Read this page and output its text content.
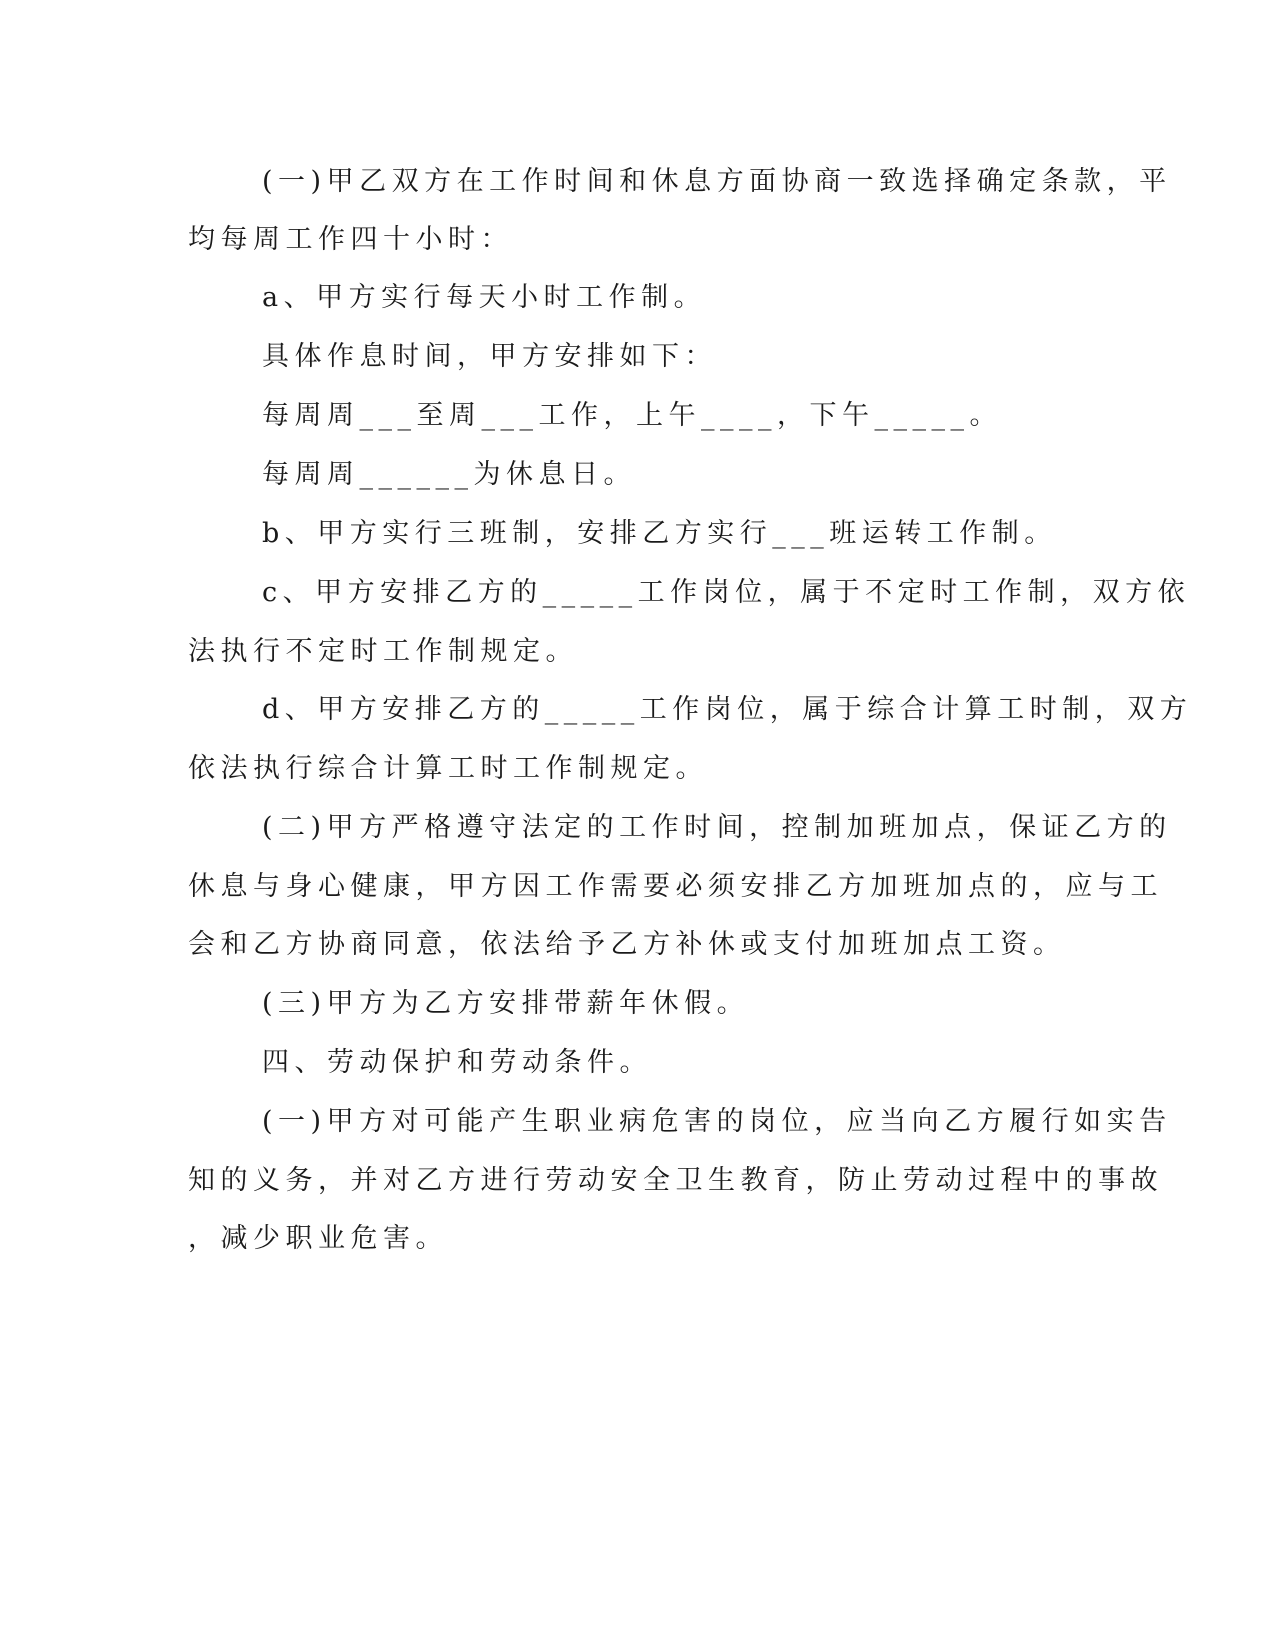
(一)甲乙双方在工作时间和休息方面协商一致选择确定条款，平
均每周工作四十小时：
a、甲方实行每天小时工作制。
具体作息时间，甲方安排如下：
每周周___至周___工作，上午____，下午_____。
每周周______为休息日。
b、甲方实行三班制，安排乙方实行___班运转工作制。
c、甲方安排乙方的_____工作岗位，属于不定时工作制，双方依
法执行不定时工作制规定。
d、甲方安排乙方的_____工作岗位，属于综合计算工时制，双方
依法执行综合计算工时工作制规定。
(二)甲方严格遵守法定的工作时间，控制加班加点，保证乙方的
休息与身心健康，甲方因工作需要必须安排乙方加班加点的，应与工
会和乙方协商同意，依法给予乙方补休或支付加班加点工资。
(三)甲方为乙方安排带薪年休假。
四、劳动保护和劳动条件。
(一)甲方对可能产生职业病危害的岗位，应当向乙方履行如实告
知的义务，并对乙方进行劳动安全卫生教育，防止劳动过程中的事故
，减少职业危害。
